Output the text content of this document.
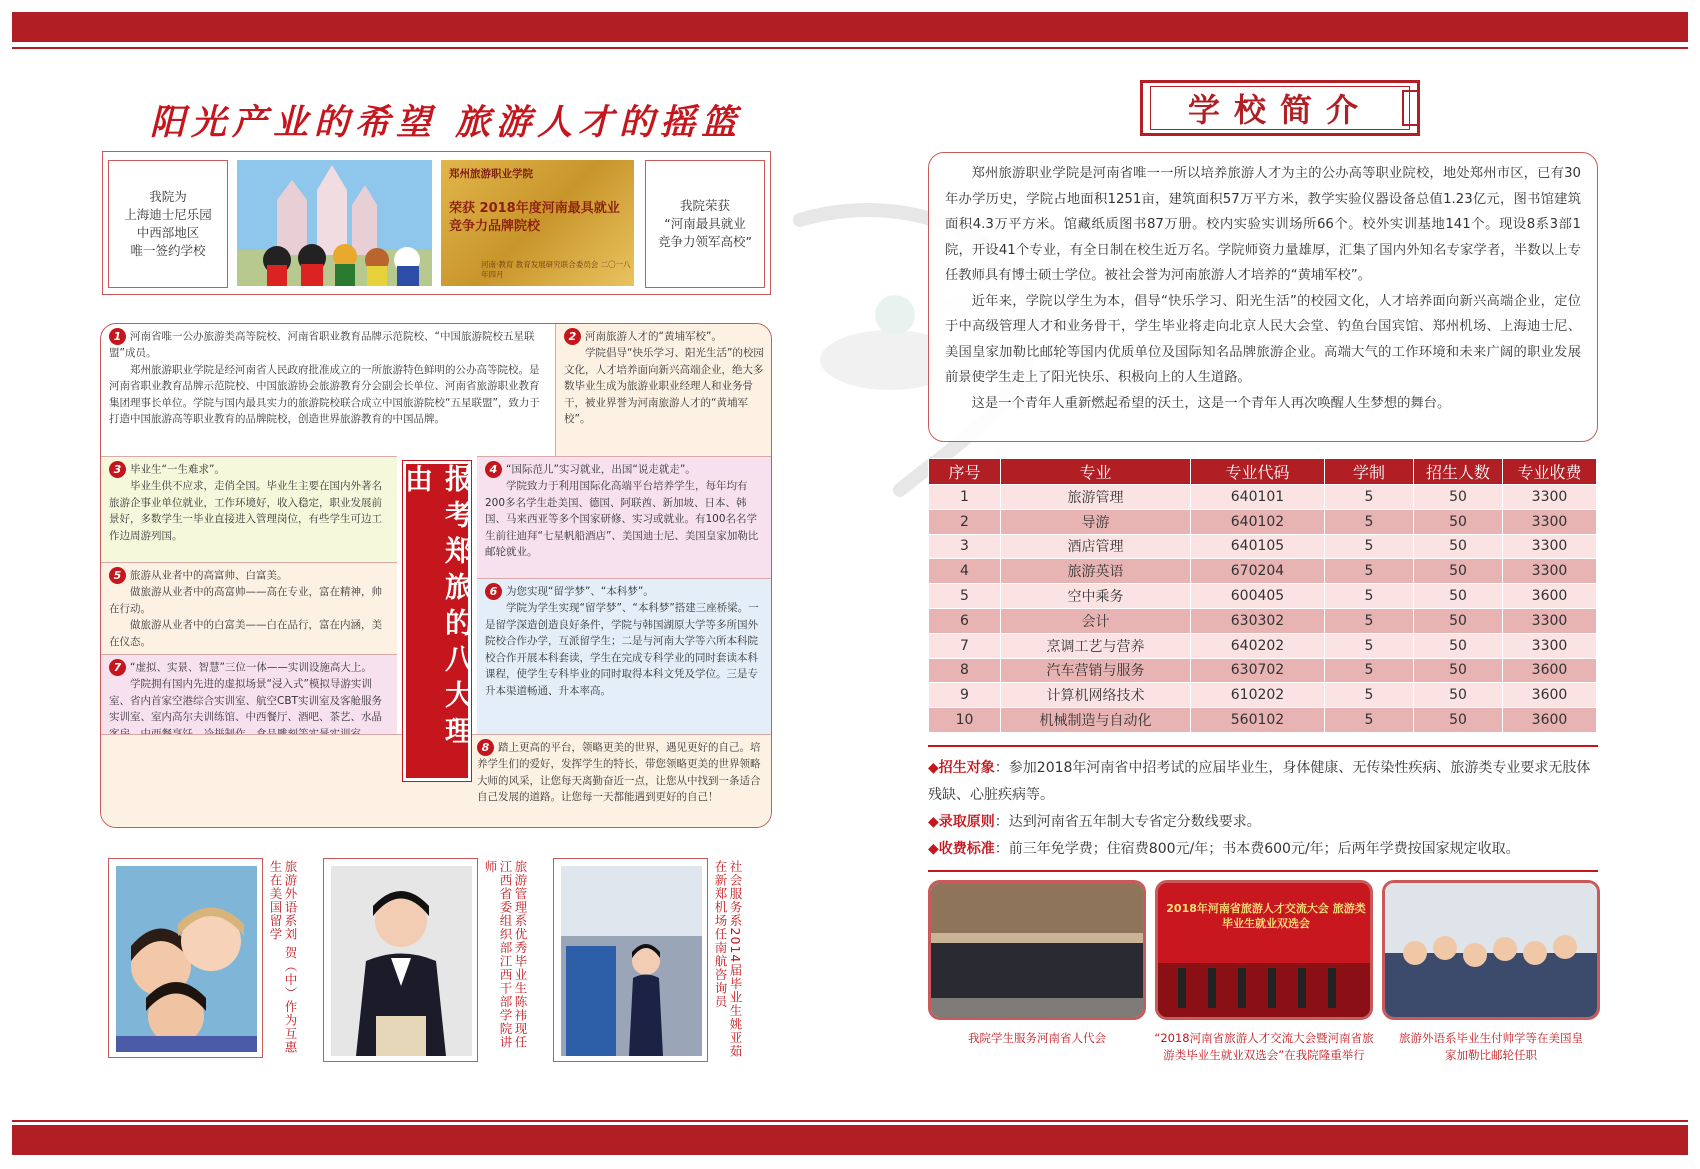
阳光产业的希望 旅游人才的摇篮
我院为
上海迪士尼乐园
中西部地区
唯一签约学校
郑州旅游职业学院
荣获 2018年度河南最具就业竞争力品牌院校
河南·教育 教育发展研究联合委员会 二〇一八年四月
我院荣获
“河南最具就业
竞争力领军高校”

1 河南省唯一公办旅游类高等院校、河南省职业教育品牌示范院校、“中国旅游院校五星联盟”成员。

郑州旅游职业学院是经河南省人民政府批准成立的一所旅游特色鲜明的公办高等院校。是河南省职业教育品牌示范院校、中国旅游协会旅游教育分会副会长单位、河南省旅游职业教育集团理事长单位。学院与国内最具实力的旅游院校联合成立中国旅游院校“五星联盟”，致力于打造中国旅游高等职业教育的品牌院校，创造世界旅游教育的中国品牌。

2 河南旅游人才的“黄埔军校”。

学院倡导“快乐学习、阳光生活”的校园文化，人才培养面向新兴高端企业，绝大多数毕业生成为旅游业职业经理人和业务骨干，被业界誉为河南旅游人才的“黄埔军校”。

3 毕业生“一生难求”。

毕业生供不应求，走俏全国。毕业生主要在国内外著名旅游企事业单位就业，工作环境好，收入稳定，职业发展前景好，多数学生一毕业直接进入管理岗位，有些学生可边工作边周游列国。

4 “国际范儿”实习就业，出国“说走就走”。

学院致力于利用国际化高端平台培养学生，每年均有200多名学生赴美国、德国、阿联酋、新加坡、日本、韩国、马来西亚等多个国家研修、实习或就业。有100名名学生前往迪拜“七星帆船酒店”、美国迪士尼、美国皇家加勒比邮轮就业。

5 旅游从业者中的高富帅、白富美。

做旅游从业者中的高富帅——高在专业，富在精神，帅在行动。

做旅游从业者中的白富美——白在品行，富在内涵，美在仪态。

6 为您实现“留学梦”、“本科梦”。

学院为学生实现“留学梦”、“本科梦”搭建三座桥梁。一是留学深造创造良好条件，学院与韩国湖原大学等多所国外院校合作办学，互派留学生；二是与河南大学等六所本科院校合作开展本科套读，学生在完成专科学业的同时套读本科课程，使学生专科毕业的同时取得本科文凭及学位。三是专升本渠道畅通、升本率高。

7 “虚拟、实景、智慧”三位一体——实训设施高大上。

学院拥有国内先进的虚拟场景“浸入式”模拟导游实训室、省内首家空港综合实训室、航空CBT实训室及客舱服务实训室、室内高尔夫训练馆、中西餐厅、酒吧、茶艺、水晶

8 踏上更高的平台，领略更美的世界，遇见更好的自己。培养学生们的爱好，发挥学生的特长，带您领略更美的世界领略大师的风采，让您每天离勤奋近一点，让您从中找到一条适合自己发展的道路。让您每一天都能遇到更好的自己！

报考郑旅的八大理由
旅游外语系刘 贺（中）作为互惠生在美国留学	旅游管理系优秀毕业生陈祎现任江西省委组织部江西干部学院讲师	社会服务系2014届毕业生姚亚茹在新郑机场任南航咨询员
学校简介

郑州旅游职业学院是河南省唯一一所以培养旅游人才为主的公办高等职业院校，地处郑州市区，已有30年办学历史，学院占地面积1251亩，建筑面积57万平方米，教学实验仪器设备总值1.23亿元，图书馆建筑面积4.3万平方米。馆藏纸质图书87万册。校内实验实训场所66个。校外实训基地141个。现设8系3部1院，开设41个专业，有全日制在校生近万名。学院师资力量雄厚，汇集了国内外知名专家学者，半数以上专任教师具有博士硕士学位。被社会誉为河南旅游人才培养的“黄埔军校”。

近年来，学院以学生为本，倡导“快乐学习、阳光生活”的校园文化，人才培养面向新兴高端企业，定位于中高级管理人才和业务骨干，学生毕业将走向北京人民大会堂、钓鱼台国宾馆、郑州机场、上海迪士尼、美国皇家加勒比邮轮等国内优质单位及国际知名品牌旅游企业。高端大气的工作环境和未来广阔的职业发展前景使学生走上了阳光快乐、积极向上的人生道路。

这是一个青年人重新燃起希望的沃土，这是一个青年人再次唤醒人生梦想的舞台。

序号	专业	专业代码	学制	招生人数	专业收费
1	旅游管理	640101	5	50	3300
2	导游	640102	5	50	3300
3	酒店管理	640105	5	50	3300
4	旅游英语	670204	5	50	3300
5	空中乘务	600405	5	50	3600
6	会计	630302	5	50	3300
7	烹调工艺与营养	640202	5	50	3300
8	汽车营销与服务	630702	5	50	3600
9	计算机网络技术	610202	5	50	3600
10	机械制造与自动化	560102	5	50	3600
◆招生对象：参加2018年河南省中招考试的应届毕业生，身体健康、无传染性疾病、旅游类专业要求无肢体残缺、心脏疾病等。
◆录取原则：达到河南省五年制大专省定分数线要求。
◆收费标准：前三年免学费；住宿费800元/年；书本费600元/年；后两年学费按国家规定收取。
2018年河南省旅游人才交流大会 旅游类毕业生就业双选会
我院学生服务河南省人代会	“2018河南省旅游人才交流大会暨河南省旅游类毕业生就业双选会”在我院隆重举行
旅游外语系毕业生付帅学等在美国皇家加勒比邮轮任职
